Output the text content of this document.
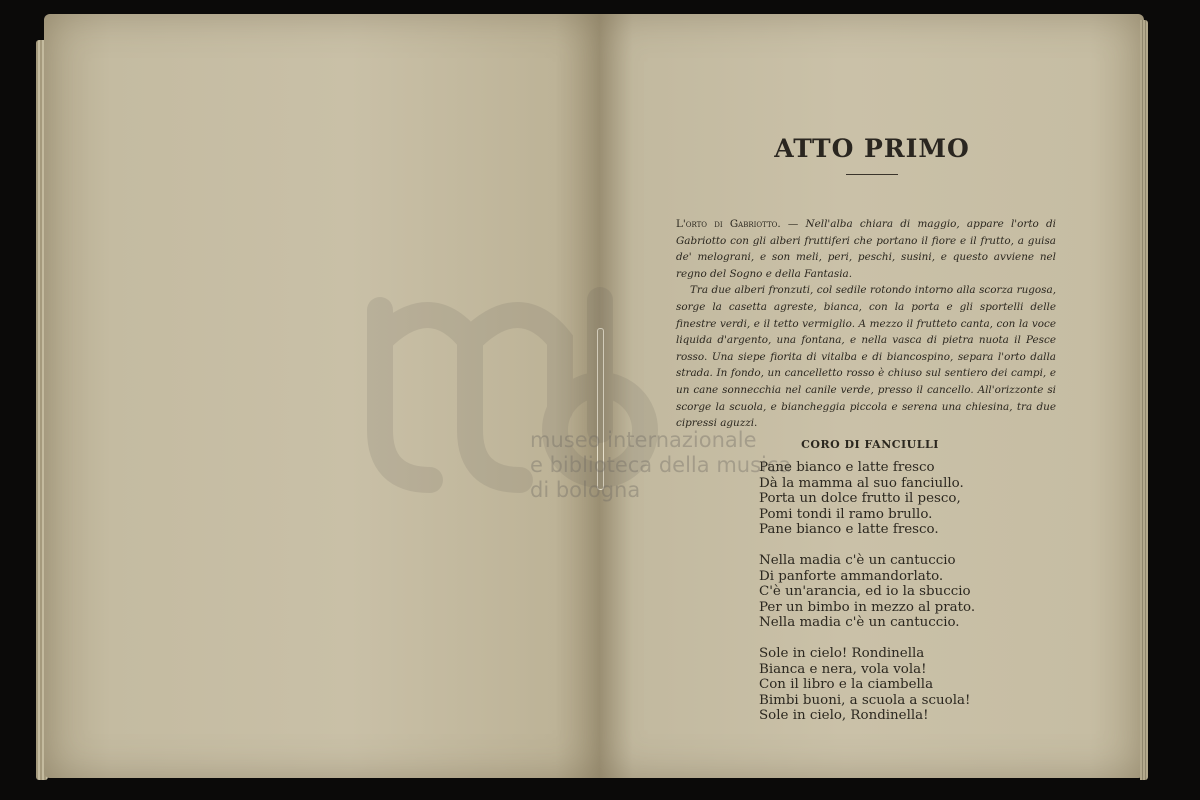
museo internazionale
e biblioteca della musica
di bologna
ATTO PRIMO

L'orto di Gabriotto. — Nell'alba chiara di maggio, appare l'orto di Gabriotto con gli alberi fruttiferi che portano il fiore e il frutto, a guisa de' melograni, e son meli, peri, peschi, susini, e questo avviene nel regno del Sogno e della Fantasia.

Tra due alberi fronzuti, col sedile rotondo intorno alla scorza rugosa, sorge la casetta agreste, bianca, con la porta e gli sportelli delle finestre verdi, e il tetto vermiglio. A mezzo il frutteto canta, con la voce liquida d'argento, una fontana, e nella vasca di pietra nuota il Pesce rosso. Una siepe fiorita di vitalba e di biancospino, separa l'orto dalla strada. In fondo, un cancelletto rosso è chiuso sul sentiero dei campi, e un cane sonnecchia nel canile verde, presso il cancello. All'orizzonte si scorge la scuola, e biancheggia piccola e serena una chiesina, tra due cipressi aguzzi.

CORO DI FANCIULLI
Pane bianco e latte fresco
Dà la mamma al suo fanciullo.
Porta un dolce frutto il pesco,
Pomi tondi il ramo brullo.
Pane bianco e latte fresco.
Nella madia c'è un cantuccio
Di panforte ammandorlato.
C'è un'arancia, ed io la sbuccio
Per un bimbo in mezzo al prato.
Nella madia c'è un cantuccio.
Sole in cielo! Rondinella
Bianca e nera, vola vola!
Con il libro e la ciambella
Bimbi buoni, a scuola a scuola!
Sole in cielo, Rondinella!
